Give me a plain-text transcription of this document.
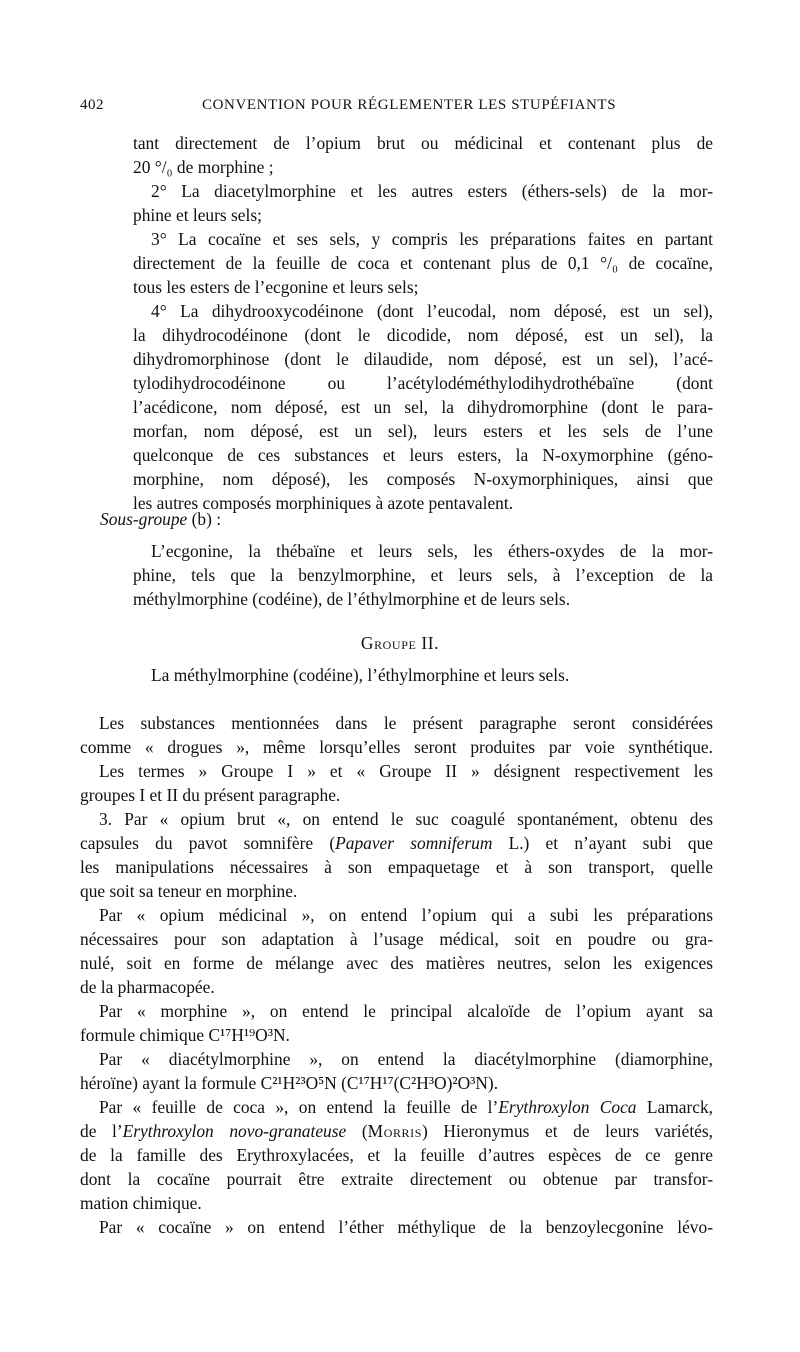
402	CONVENTION POUR RÉGLEMENTER LES STUPÉFIANTS
tant directement de l’opium brut ou médicinal et contenant plus de
20 °/₀ de morphine ;
2° La diacetylmorphine et les autres esters (éthers-sels) de la mor-
phine et leurs sels;
3° La cocaïne et ses sels, y compris les préparations faites en partant
directement de la feuille de coca et contenant plus de 0,1 °/₀ de cocaïne,
tous les esters de l’ecgonine et leurs sels;
4° La dihydrooxycodéinone (dont l’eucodal, nom déposé, est un sel),
la dihydrocodéinone (dont le dicodide, nom déposé, est un sel), la
dihydromorphinose (dont le dilaudide, nom déposé, est un sel), l’acé-
tylodihydrocodéinone ou l’acétylodéméthylodihydrothébaïne (dont
l’acédicone, nom déposé, est un sel, la dihydromorphine (dont le para-
morfan, nom déposé, est un sel), leurs esters et les sels de l’une
quelconque de ces substances et leurs esters, la N-oxymorphine (géno-
morphine, nom déposé), les composés N-oxymorphiniques, ainsi que
les autres composés morphiniques à azote pentavalent.
Sous-groupe (b) :
L’ecgonine, la thébaïne et leurs sels, les éthers-oxydes de la mor-
phine, tels que la benzylmorphine, et leurs sels, à l’exception de la
méthylmorphine (codéine), de l’éthylmorphine et de leurs sels.
Groupe II.
La méthylmorphine (codéine), l’éthylmorphine et leurs sels.
Les substances mentionnées dans le présent paragraphe seront considérées
comme « drogues », même lorsqu’elles seront produites par voie synthétique.
Les termes » Groupe I » et « Groupe II » désignent respectivement les
groupes I et II du présent paragraphe.
3. Par « opium brut «, on entend le suc coagulé spontanément, obtenu des
capsules du pavot somnifère (Papaver somniferum L.) et n’ayant subi que
les manipulations nécessaires à son empaquetage et à son transport, quelle
que soit sa teneur en morphine.
Par « opium médicinal », on entend l’opium qui a subi les préparations
nécessaires pour son adaptation à l’usage médical, soit en poudre ou gra-
nulé, soit en forme de mélange avec des matières neutres, selon les exigences
de la pharmacopée.
Par « morphine », on entend le principal alcaloïde de l’opium ayant sa
formule chimique C¹⁷H¹⁹O³N.
Par « diacétylmorphine », on entend la diacétylmorphine (diamorphine,
héroïne) ayant la formule C²¹H²³O⁵N (C¹⁷H¹⁷(C²H³O)²O³N).
Par « feuille de coca », on entend la feuille de l’Erythroxylon Coca Lamarck,
de l’Erythroxylon novo-granateuse (Morris) Hieronymus et de leurs variétés,
de la famille des Erythroxylacées, et la feuille d’autres espèces de ce genre
dont la cocaïne pourrait être extraite directement ou obtenue par transfor-
mation chimique.
Par « cocaïne » on entend l’éther méthylique de la benzoylecgonine lévo-
